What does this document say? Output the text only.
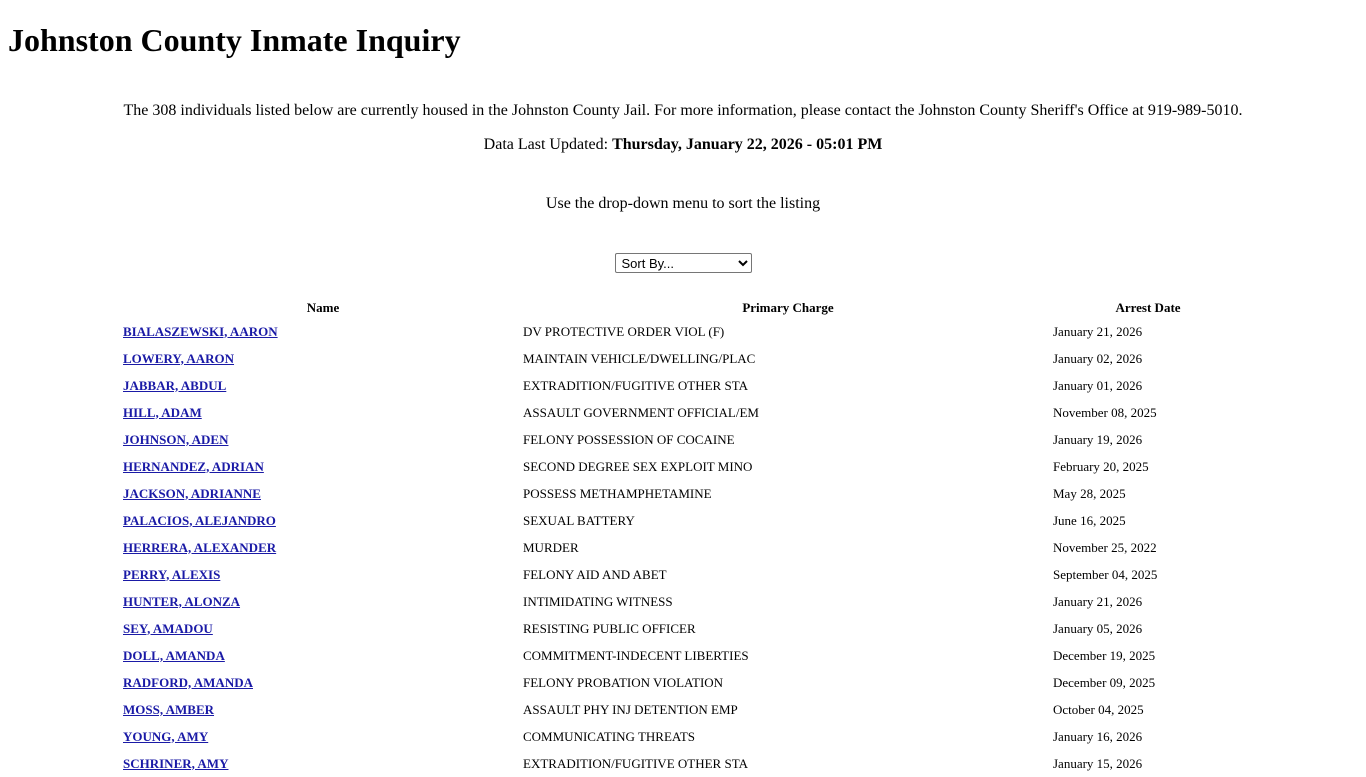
Johnston County Inmate Inquiry

The 308 individuals listed below are currently housed in the Johnston County Jail. For more information, please contact the Johnston County Sheriff's Office at 919-989-5010.

Data Last Updated: Thursday, January 22, 2026 - 05:01 PM

Use the drop-down menu to sort the listing

Sort By...
Name	Primary Charge	Arrest Date
BIALASZEWSKI, AARON	DV PROTECTIVE ORDER VIOL (F)	January 21, 2026
LOWERY, AARON	MAINTAIN VEHICLE/DWELLING/PLAC	January 02, 2026
JABBAR, ABDUL	EXTRADITION/FUGITIVE OTHER STA	January 01, 2026
HILL, ADAM	ASSAULT GOVERNMENT OFFICIAL/EM	November 08, 2025
JOHNSON, ADEN	FELONY POSSESSION OF COCAINE	January 19, 2026
HERNANDEZ, ADRIAN	SECOND DEGREE SEX EXPLOIT MINO	February 20, 2025
JACKSON, ADRIANNE	POSSESS METHAMPHETAMINE	May 28, 2025
PALACIOS, ALEJANDRO	SEXUAL BATTERY	June 16, 2025
HERRERA, ALEXANDER	MURDER	November 25, 2022
PERRY, ALEXIS	FELONY AID AND ABET	September 04, 2025
HUNTER, ALONZA	INTIMIDATING WITNESS	January 21, 2026
SEY, AMADOU	RESISTING PUBLIC OFFICER	January 05, 2026
DOLL, AMANDA	COMMITMENT-INDECENT LIBERTIES	December 19, 2025
RADFORD, AMANDA	FELONY PROBATION VIOLATION	December 09, 2025
MOSS, AMBER	ASSAULT PHY INJ DETENTION EMP	October 04, 2025
YOUNG, AMY	COMMUNICATING THREATS	January 16, 2026
SCHRINER, AMY	EXTRADITION/FUGITIVE OTHER STA	January 15, 2026
